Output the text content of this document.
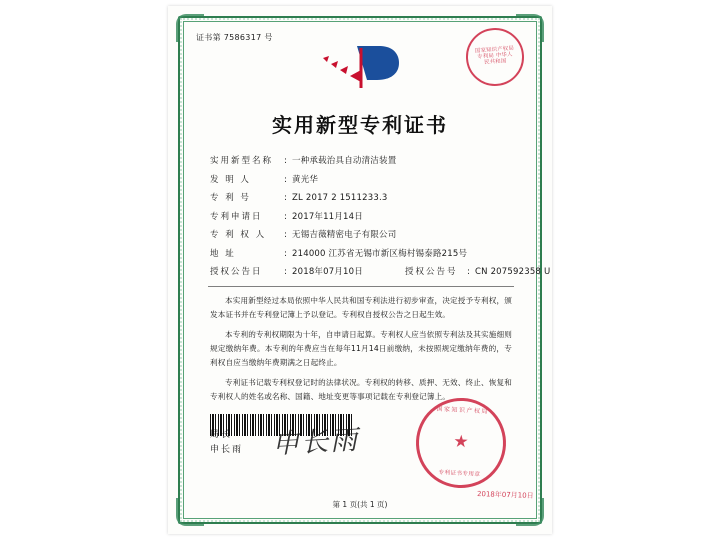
证书第 7586317 号
实用新型专利证书
实用新型名称	: 一种承载治具自动清洁装置
发 明 人	: 黄光华
专 利 号	: ZL 2017 2 1511233.3
专利申请日	: 2017年11月14日
专 利 权 人	: 无锡吉薇精密电子有限公司
地 址	: 214000 江苏省无锡市新区梅村锡泰路215号
授权公告日	: 2018年07月10日	授权公告号	: CN 207592358 U

本实用新型经过本局依照中华人民共和国专利法进行初步审查，决定授予专利权，颁发本证书并在专利登记簿上予以登记。专利权自授权公告之日起生效。

本专利的专利权期限为十年，自申请日起算。专利权人应当依照专利法及其实施细则规定缴纳年费。本专利的年费应当在每年11月14日前缴纳，未按照规定缴纳年费的，专利权自应当缴纳年费期满之日起终止。

专利证书记载专利权登记时的法律状况。专利权的转移、质押、无效、终止、恢复和专利权人的姓名或名称、国籍、地址变更等事项记载在专利登记簿上。

局长
申长雨 申长雨
第 1 页(共 1 页)
国家知识产权局 专利局 中华人民共和国
国家知识产权局
★
专利证书专用章
2018年07月10日
